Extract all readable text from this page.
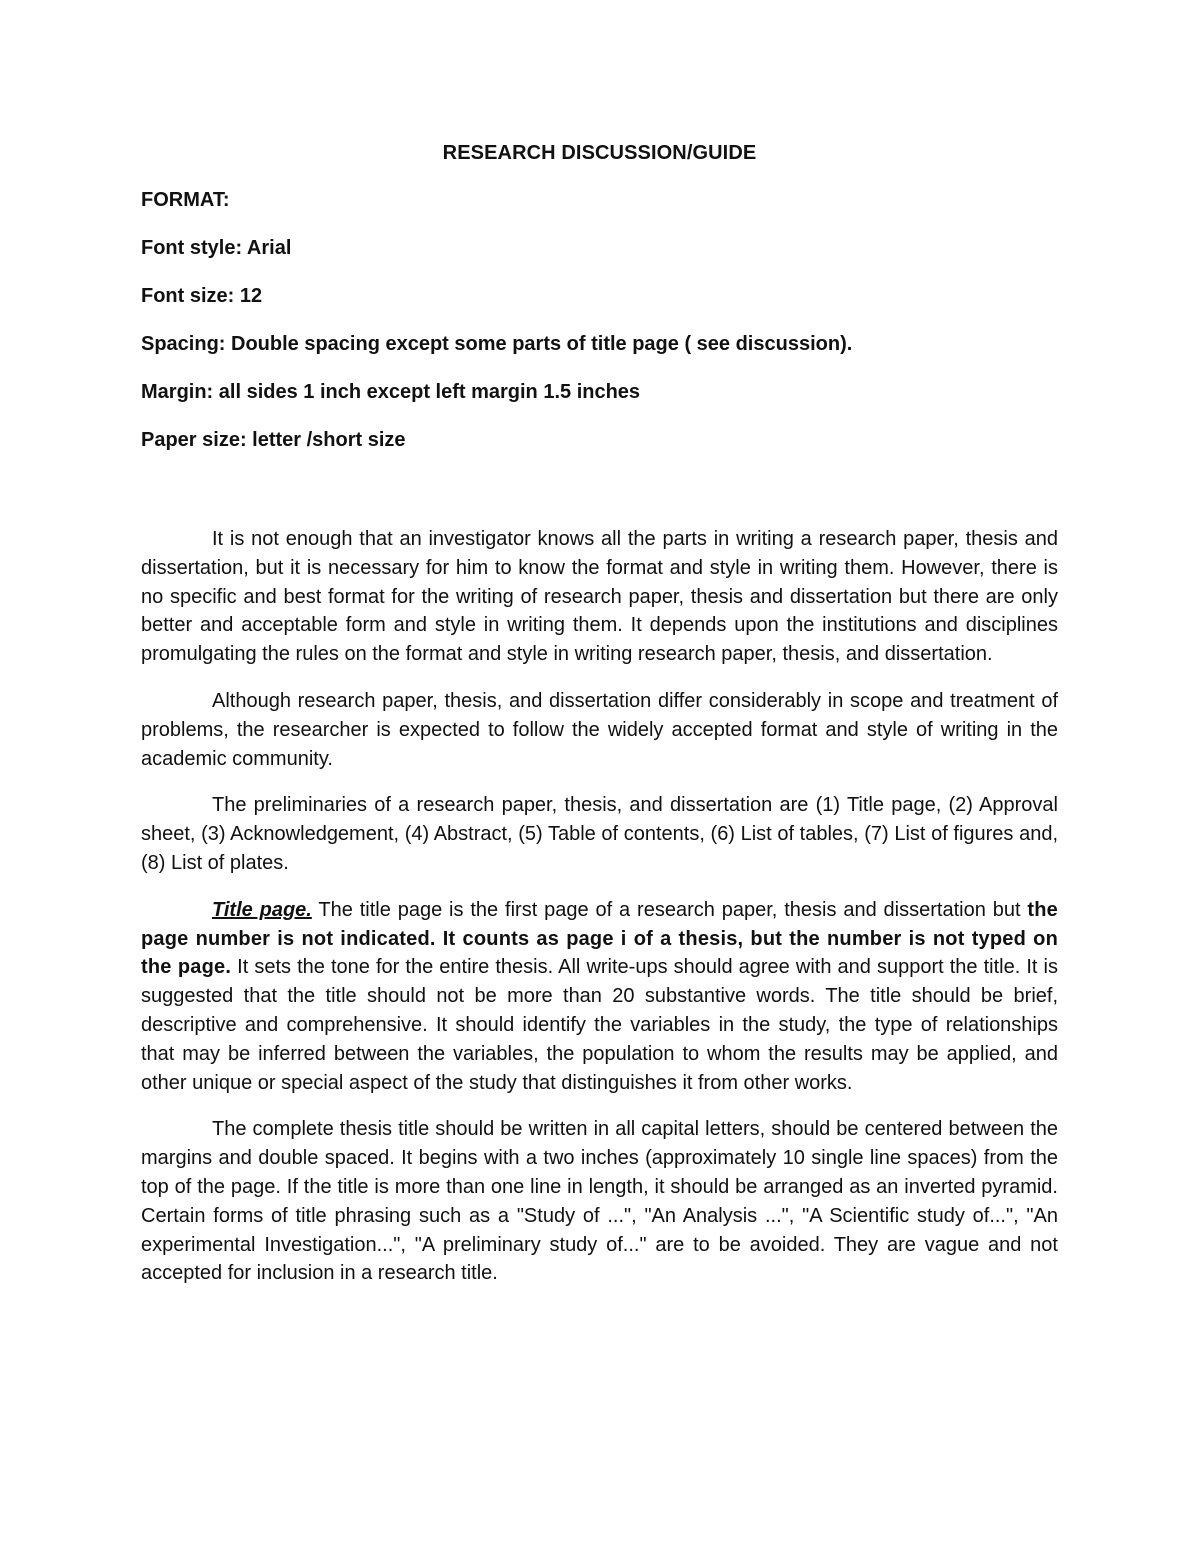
RESEARCH DISCUSSION/GUIDE
FORMAT:
Font style: Arial
Font size: 12
Spacing: Double spacing except some parts of title page ( see discussion).
Margin: all sides 1 inch except left margin 1.5 inches
Paper size: letter /short size

It is not enough that an investigator knows all the parts in writing a research paper, thesis and dissertation, but it is necessary for him to know the format and style in writing them. However, there is no specific and best format for the writing of research paper, thesis and dissertation but there are only better and acceptable form and style in writing them. It depends upon the institutions and disciplines promulgating the rules on the format and style in writing research paper, thesis, and dissertation.

Although research paper, thesis, and dissertation differ considerably in scope and treatment of problems, the researcher is expected to follow the widely accepted format and style of writing in the academic community.

The preliminaries of a research paper, thesis, and dissertation are (1) Title page, (2) Approval sheet, (3) Acknowledgement, (4) Abstract, (5) Table of contents, (6) List of tables, (7) List of figures and, (8) List of plates.

Title page. The title page is the first page of a research paper, thesis and dissertation but the page number is not indicated. It counts as page i of a thesis, but the number is not typed on the page. It sets the tone for the entire thesis. All write-ups should agree with and support the title. It is suggested that the title should not be more than 20 substantive words. The title should be brief, descriptive and comprehensive. It should identify the variables in the study, the type of relationships that may be inferred between the variables, the population to whom the results may be applied, and other unique or special aspect of the study that distinguishes it from other works.

The complete thesis title should be written in all capital letters, should be centered between the margins and double spaced. It begins with a two inches (approximately 10 single line spaces) from the top of the page. If the title is more than one line in length, it should be arranged as an inverted pyramid. Certain forms of title phrasing such as a "Study of ...", "An Analysis ...", "A Scientific study of...", "An experimental Investigation...", "A preliminary study of..." are to be avoided. They are vague and not accepted for inclusion in a research title.
